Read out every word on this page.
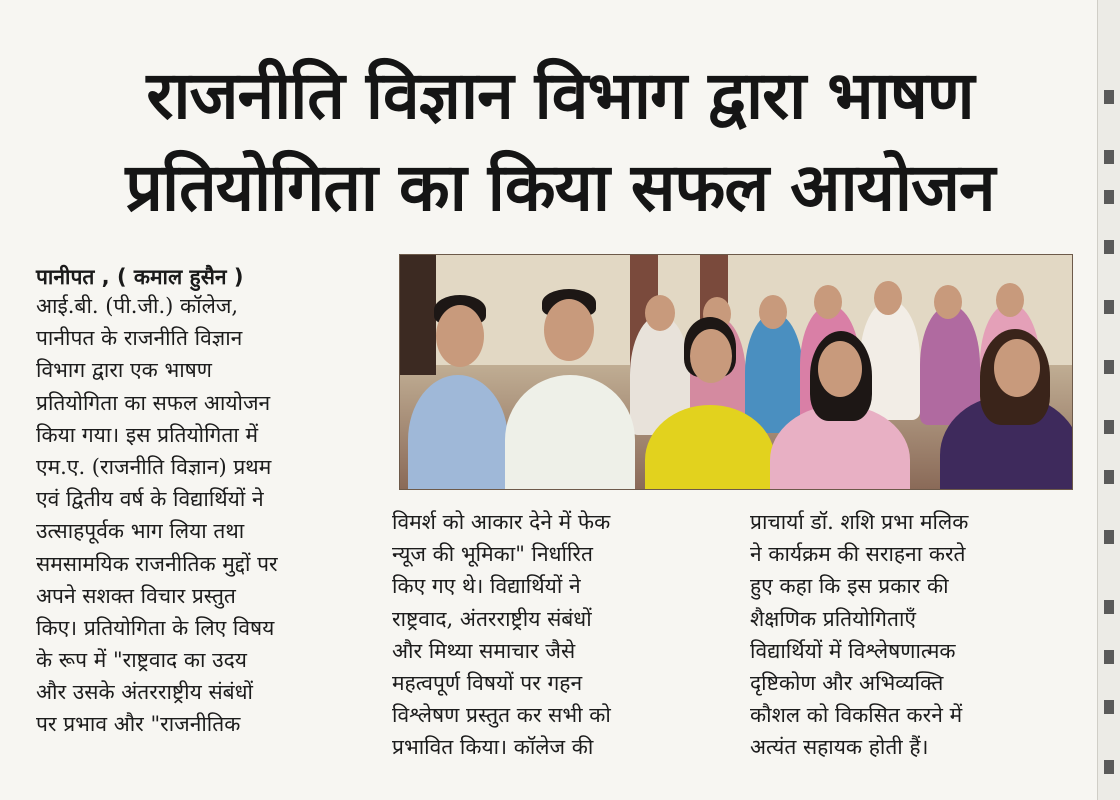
राजनीति विज्ञान विभाग द्वारा भाषण
प्रतियोगिता का किया सफल आयोजन
पानीपत , ( कमाल हुसैन )
आई.बी. (पी.जी.) कॉलेज,
पानीपत के राजनीति विज्ञान
विभाग द्वारा एक भाषण
प्रतियोगिता का सफल आयोजन
किया गया। इस प्रतियोगिता में
एम.ए. (राजनीति विज्ञान) प्रथम
एवं द्वितीय वर्ष के विद्यार्थियों ने
उत्साहपूर्वक भाग लिया तथा
समसामयिक राजनीतिक मुद्दों पर
अपने सशक्त विचार प्रस्तुत
किए। प्रतियोगिता के लिए विषय
के रूप में "राष्ट्रवाद का उदय
और उसके अंतरराष्ट्रीय संबंधों
पर प्रभाव और "राजनीतिक
विमर्श को आकार देने में फेक
न्यूज की भूमिका" निर्धारित
किए गए थे। विद्यार्थियों ने
राष्ट्रवाद, अंतरराष्ट्रीय संबंधों
और मिथ्या समाचार जैसे
महत्वपूर्ण विषयों पर गहन
विश्लेषण प्रस्तुत कर सभी को
प्रभावित किया। कॉलेज की
प्राचार्या डॉ. शशि प्रभा मलिक
ने कार्यक्रम की सराहना करते
हुए कहा कि इस प्रकार की
शैक्षणिक प्रतियोगिताएँ
विद्यार्थियों में विश्लेषणात्मक
दृष्टिकोण और अभिव्यक्ति
कौशल को विकसित करने में
अत्यंत सहायक होती हैं।
